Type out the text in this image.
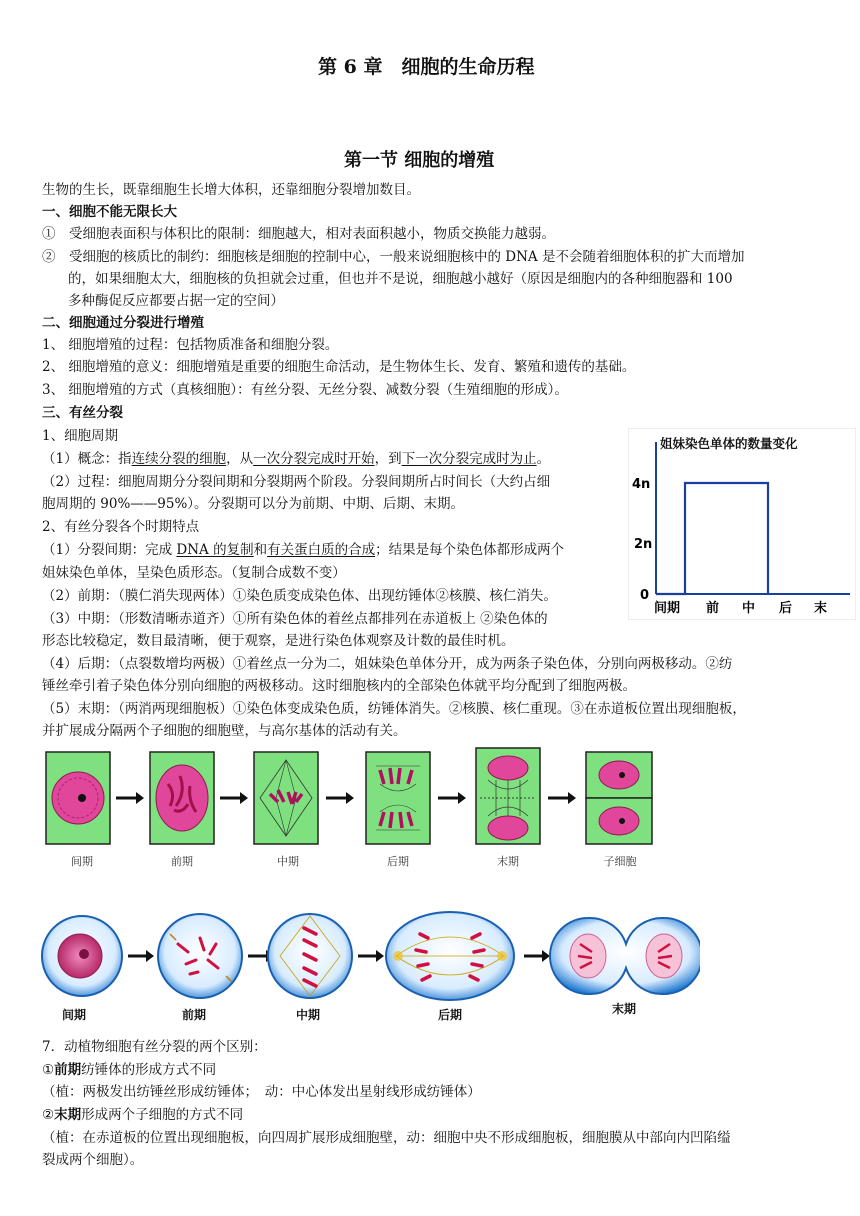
第 6 章　细胞的生命历程
第一节 细胞的增殖
生物的生长，既靠细胞生长增大体积，还靠细胞分裂增加数目。
一、细胞不能无限长大
①　受细胞表面积与体积比的限制：细胞越大，相对表面积越小，物质交换能力越弱。
②　受细胞的核质比的制约：细胞核是细胞的控制中心，一般来说细胞核中的 DNA 是不会随着细胞体积的扩大而增加
的，如果细胞太大，细胞核的负担就会过重，但也并不是说，细胞越小越好（原因是细胞内的各种细胞器和 100
多种酶促反应都要占据一定的空间）
二、细胞通过分裂进行增殖
1、 细胞增殖的过程：包括物质准备和细胞分裂。
2、 细胞增殖的意义：细胞增殖是重要的细胞生命活动，是生物体生长、发育、繁殖和遗传的基础。
3、 细胞增殖的方式（真核细胞）：有丝分裂、无丝分裂、减数分裂（生殖细胞的形成）。
三、有丝分裂
1、细胞周期
（1）概念：指连续分裂的细胞，从一次分裂完成时开始，到下一次分裂完成时为止。
（2）过程：细胞周期分分裂间期和分裂期两个阶段。分裂间期所占时间长（大约占细
胞周期的 90%——95%）。分裂期可以分为前期、中期、后期、末期。
2、有丝分裂各个时期特点
（1）分裂间期：完成 DNA 的复制和有关蛋白质的合成；结果是每个染色体都形成两个
姐妹染色单体，呈染色质形态。（复制合成数不变）
（2）前期：（膜仁消失现两体）①染色质变成染色体、出现纺锤体②核膜、核仁消失。
（3）中期：（形数清晰赤道齐）①所有染色体的着丝点都排列在赤道板上 ②染色体的
形态比较稳定，数目最清晰，便于观察，是进行染色体观察及计数的最佳时机。
（4）后期：（点裂数增均两极）①着丝点一分为二，姐妹染色单体分开，成为两条子染色体，分别向两极移动。②纺
锤丝牵引着子染色体分别向细胞的两极移动。这时细胞核内的全部染色体就平均分配到了细胞两极。
（5）末期：（两消两现细胞板）①染色体变成染色质，纺锤体消失。②核膜、核仁重现。③在赤道板位置出现细胞板，
并扩展成分隔两个子细胞的细胞壁，与高尔基体的活动有关。
姐妹染色单体的数量变化
0
2n
4n
间期 前 中 后 末
间期	前期	中期	后期	末期	子细胞
间期	前期	中期	后期	末期
7．动植物细胞有丝分裂的两个区别：
①前期纺锤体的形成方式不同
（植：两极发出纺锤丝形成纺锤体；　动：中心体发出星射线形成纺锤体）
②末期形成两个子细胞的方式不同
（植：在赤道板的位置出现细胞板，向四周扩展形成细胞壁，动：细胞中央不形成细胞板，细胞膜从中部向内凹陷缢
裂成两个细胞）。
